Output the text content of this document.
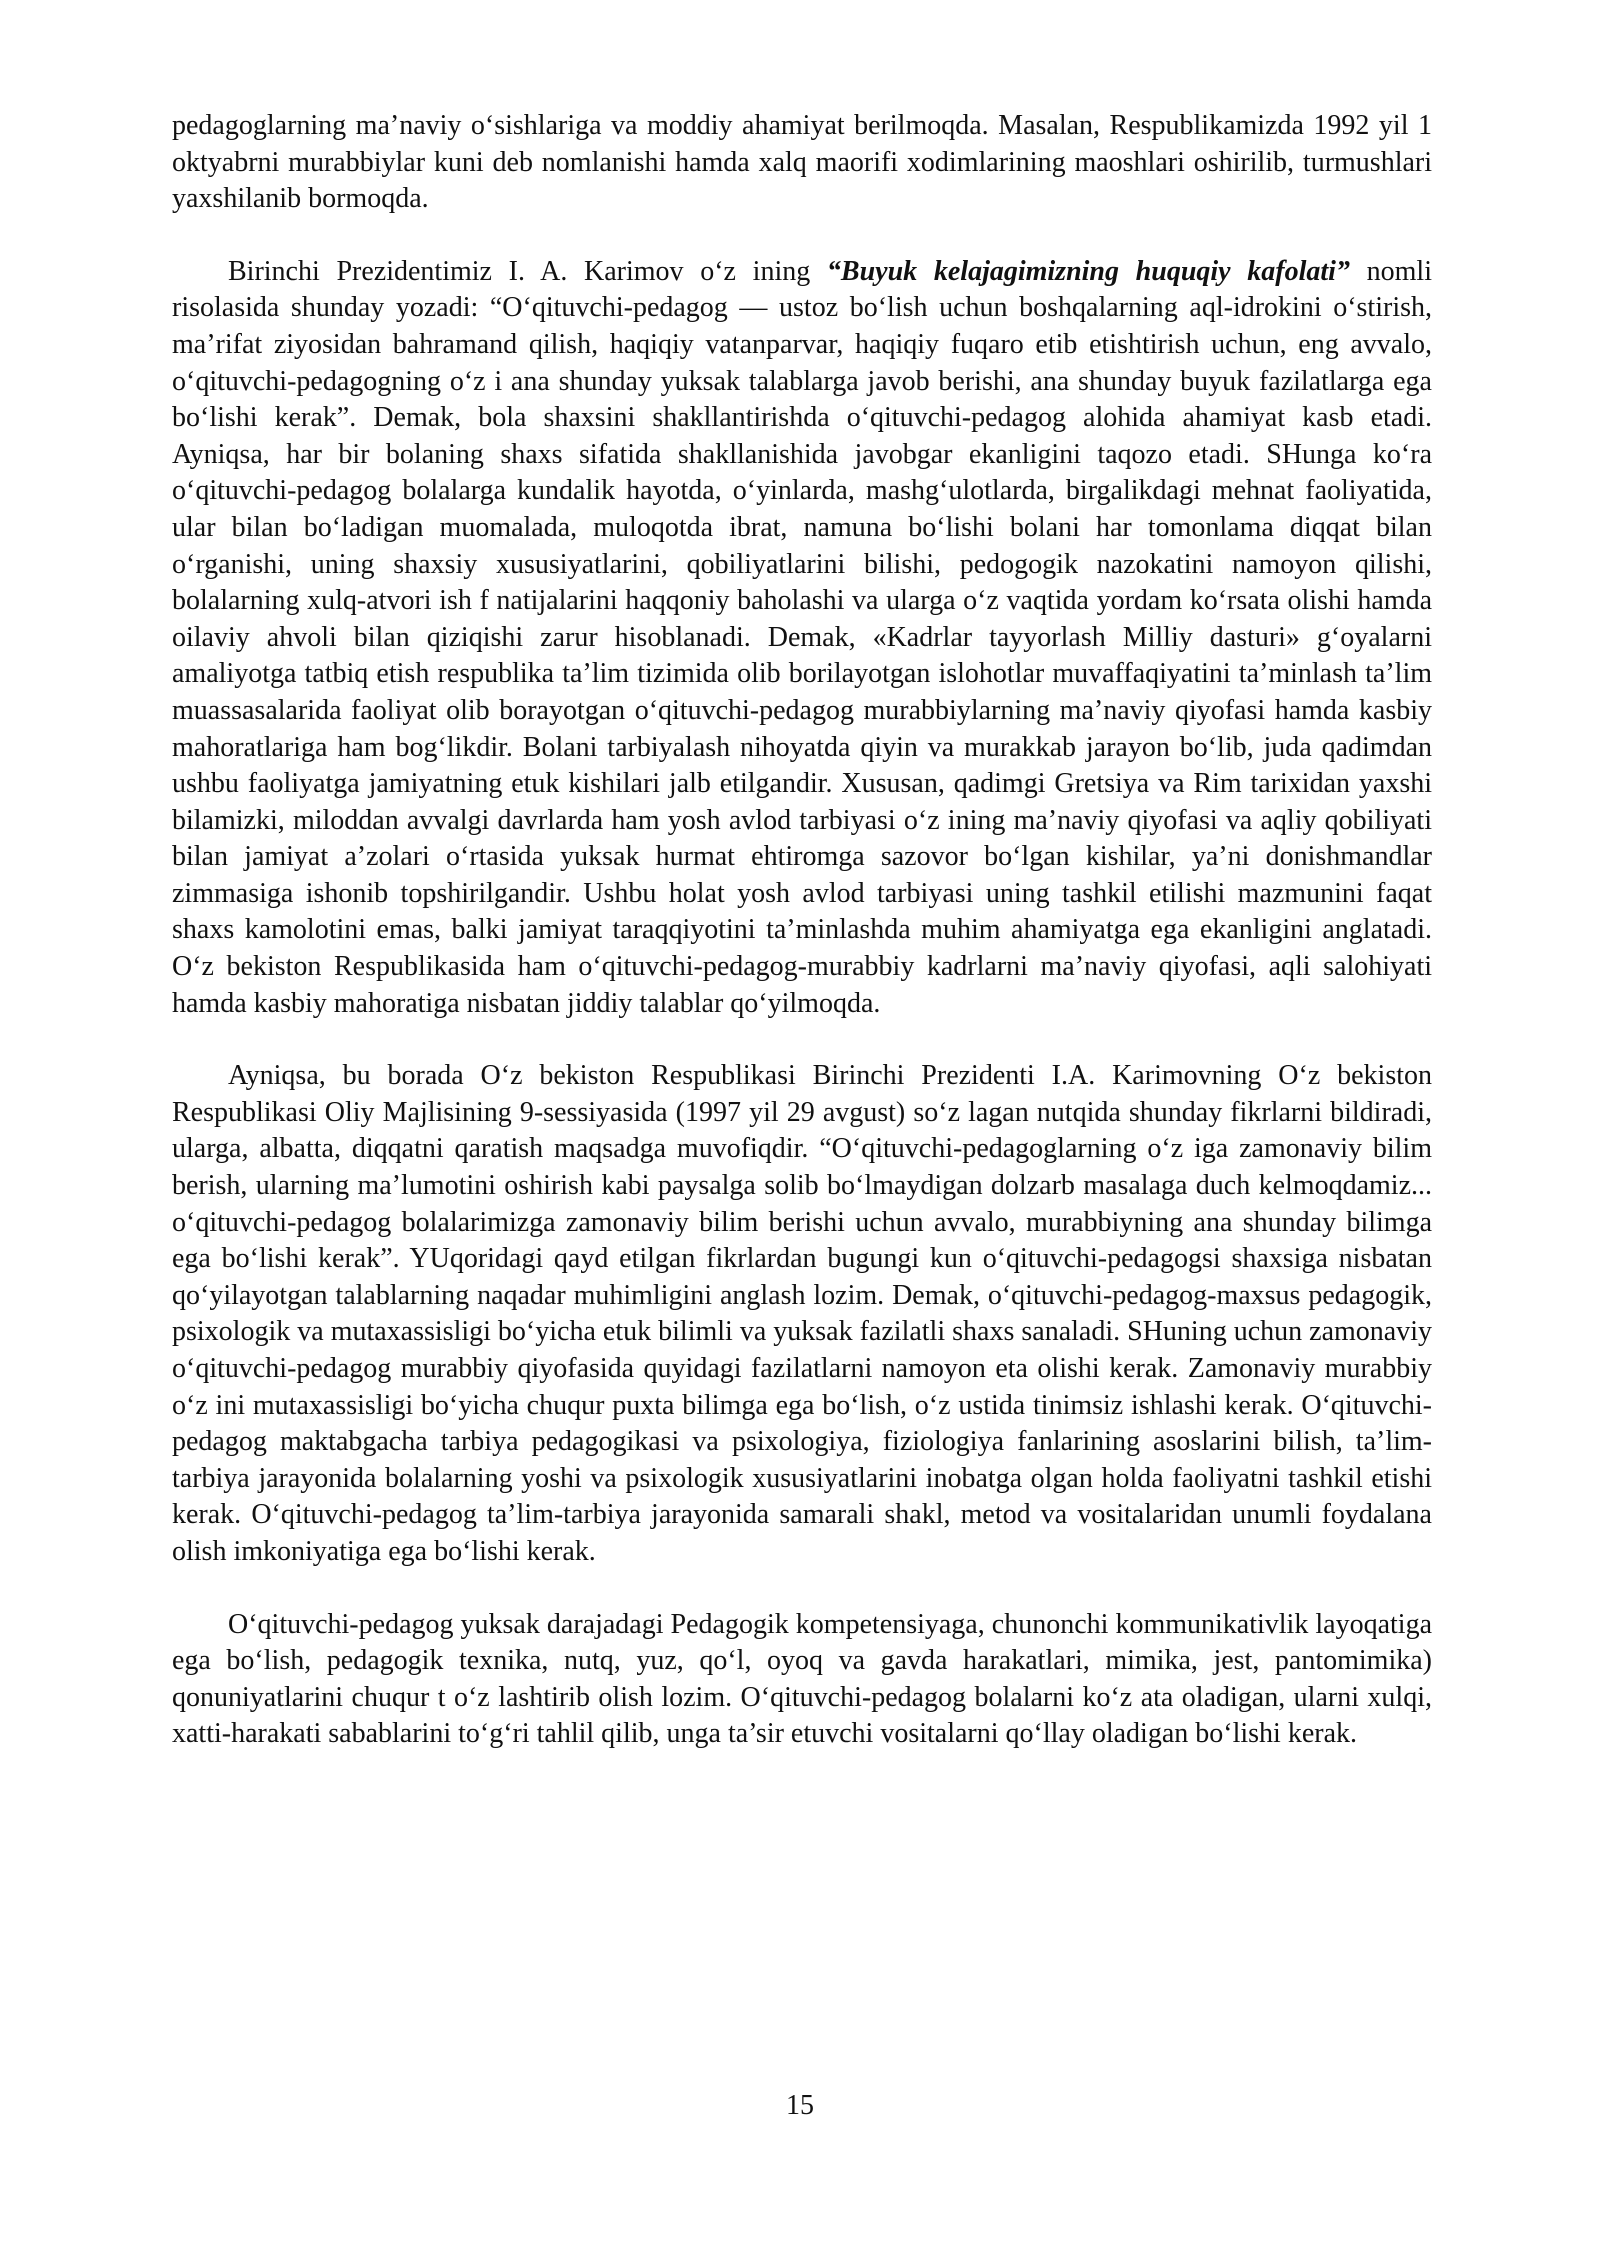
pedagoglarning ma’naviy o‘sishlariga va moddiy ahamiyat berilmoqda. Masalan, Respublikamizda 1992 yil 1 oktyabrni murabbiylar kuni deb nomlanishi hamda xalq maorifi xodimlarining maoshlari oshirilib, turmushlari yaxshilanib bormoqda.

Birinchi Prezidentimiz I. A. Karimov o‘z ining “Buyuk kelajagimizning huquqiy kafolati” nomli risolasida shunday yozadi: “O‘qituvchi-pedagog — ustoz bo‘lish uchun boshqalarning aql-idrokini o‘stirish, ma’rifat ziyosidan bahramand qilish, haqiqiy vatanparvar, haqiqiy fuqaro etib etishtirish uchun, eng avvalo, o‘qituvchi-pedagogning o‘z i ana shunday yuksak talablarga javob berishi, ana shunday buyuk fazilatlarga ega bo‘lishi kerak”. Demak, bola shaxsini shakllantirishda o‘qituvchi-pedagog alohida ahamiyat kasb etadi. Ayniqsa, har bir bolaning shaxs sifatida shakllanishida javobgar ekanligini taqozo etadi. SHunga ko‘ra o‘qituvchi-pedagog bolalarga kundalik hayotda, o‘yinlarda, mashg‘ulotlarda, birgalikdagi mehnat faoliyatida, ular bilan bo‘ladigan muomalada, muloqotda ibrat, namuna bo‘lishi bolani har tomonlama diqqat bilan o‘rganishi, uning shaxsiy xususiyatlarini, qobiliyatlarini bilishi, pedogogik nazokatini namoyon qilishi, bolalarning xulq-atvori ish f natijalarini haqqoniy baholashi va ularga o‘z vaqtida yordam ko‘rsata olishi hamda oilaviy ahvoli bilan qiziqishi zarur hisoblanadi. Demak, «Kadrlar tayyorlash Milliy dasturi» g‘oyalarni amaliyotga tatbiq etish respublika ta’lim tizimida olib borilayotgan islohotlar muvaffaqiyatini ta’minlash ta’lim muassasalarida faoliyat olib borayotgan o‘qituvchi-pedagog murabbiylarning ma’naviy qiyofasi hamda kasbiy mahoratlariga ham bog‘likdir. Bolani tarbiyalash nihoyatda qiyin va murakkab jarayon bo‘lib, juda qadimdan ushbu faoliyatga jamiyatning etuk kishilari jalb etilgandir. Xususan, qadimgi Gretsiya va Rim tarixidan yaxshi bilamizki, miloddan avvalgi davrlarda ham yosh avlod tarbiyasi o‘z ining ma’naviy qiyofasi va aqliy qobiliyati bilan jamiyat a’zolari o‘rtasida yuksak hurmat ehtiromga sazovor bo‘lgan kishilar, ya’ni donishmandlar zimmasiga ishonib topshirilgandir. Ushbu holat yosh avlod tarbiyasi uning tashkil etilishi mazmunini faqat shaxs kamolotini emas, balki jamiyat taraqqiyotini ta’minlashda muhim ahamiyatga ega ekanligini anglatadi. O‘z bekiston Respublikasida ham o‘qituvchi-pedagog-murabbiy kadrlarni ma’naviy qiyofasi, aqli salohiyati hamda kasbiy mahoratiga nisbatan jiddiy talablar qo‘yilmoqda.

Ayniqsa, bu borada O‘z bekiston Respublikasi Birinchi Prezidenti I.A. Karimovning O‘z bekiston Respublikasi Oliy Majlisining 9-sessiyasida (1997 yil 29 avgust) so‘z lagan nutqida shunday fikrlarni bildiradi, ularga, albatta, diqqatni qaratish maqsadga muvofiqdir. “O‘qituvchi-pedagoglarning o‘z iga zamonaviy bilim berish, ularning ma’lumotini oshirish kabi paysalga solib bo‘lmaydigan dolzarb masalaga duch kelmoqdamiz... o‘qituvchi-pedagog bolalarimizga zamonaviy bilim berishi uchun avvalo, murabbiyning ana shunday bilimga ega bo‘lishi kerak”. YUqoridagi qayd etilgan fikrlardan bugungi kun o‘qituvchi-pedagogsi shaxsiga nisbatan qo‘yilayotgan talablarning naqadar muhimligini anglash lozim. Demak, o‘qituvchi-pedagog-maxsus pedagogik, psixologik va mutaxassisligi bo‘yicha etuk bilimli va yuksak fazilatli shaxs sanaladi. SHuning uchun zamonaviy o‘qituvchi-pedagog murabbiy qiyofasida quyidagi fazilatlarni namoyon eta olishi kerak. Zamonaviy murabbiy o‘z ini mutaxassisligi bo‘yicha chuqur puxta bilimga ega bo‘lish, o‘z ustida tinimsiz ishlashi kerak. O‘qituvchi-pedagog maktabgacha tarbiya pedagogikasi va psixologiya, fiziologiya fanlarining asoslarini bilish, ta’lim-tarbiya jarayonida bolalarning yoshi va psixologik xususiyatlarini inobatga olgan holda faoliyatni tashkil etishi kerak. O‘qituvchi-pedagog ta’lim-tarbiya jarayonida samarali shakl, metod va vositalaridan unumli foydalana olish imkoniyatiga ega bo‘lishi kerak.

O‘qituvchi-pedagog yuksak darajadagi Pedagogik kompetensiyaga, chunonchi kommunikativlik layoqatiga ega bo‘lish, pedagogik texnika, nutq, yuz, qo‘l, oyoq va gavda harakatlari, mimika, jest, pantomimika) qonuniyatlarini chuqur t o‘z lashtirib olish lozim. O‘qituvchi-pedagog bolalarni ko‘z ata oladigan, ularni xulqi, xatti-harakati sabablarini to‘g‘ri tahlil qilib, unga ta’sir etuvchi vositalarni qo‘llay oladigan bo‘lishi kerak.

15
